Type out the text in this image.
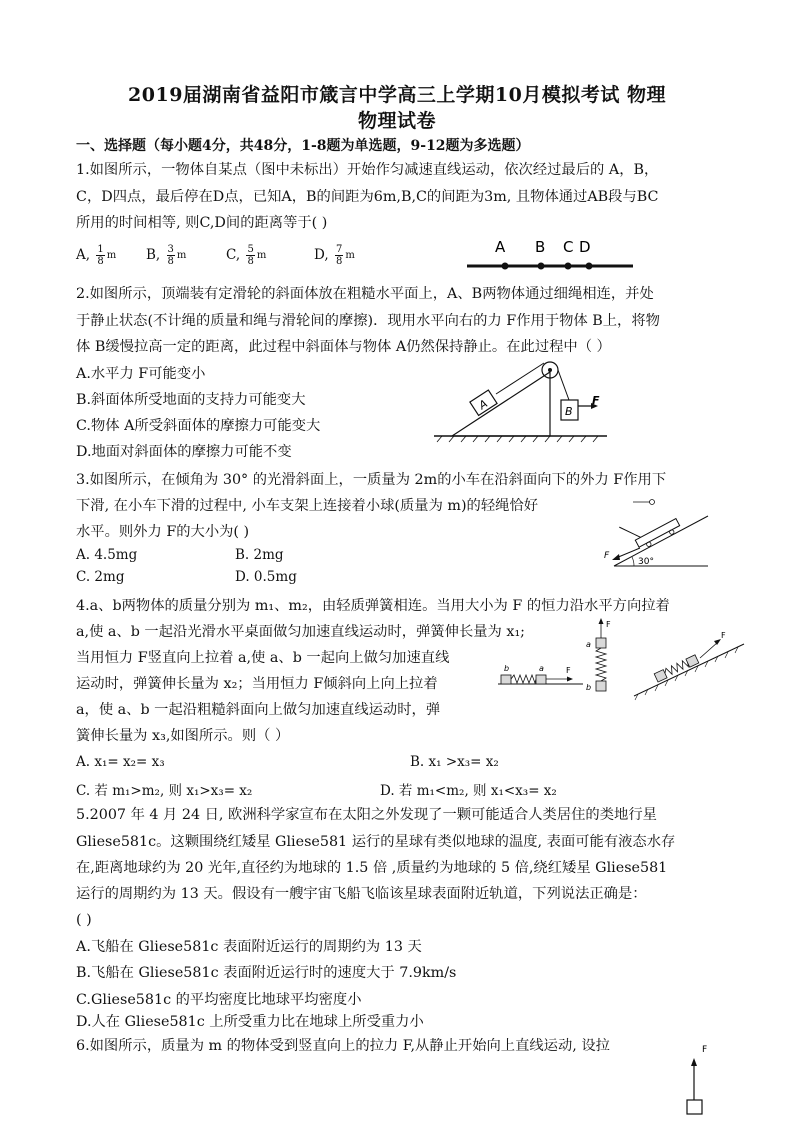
2019届湖南省益阳市箴言中学高三上学期10月模拟考试 物理
物理试卷
一、选择题（每小题4分，共48分，1-8题为单选题，9-12题为多选题）
1.如图所示，一物体自某点（图中未标出）开始作匀减速直线运动，依次经过最后的 A，B，
C，D四点，最后停在D点，已知A，B的间距为6m,B,C的间距为3m, 且物体通过AB段与BC
所用的时间相等, 则C,D间的距离等于( )
A, $\frac{1}{8}$ m B, $\frac{3}{8}$ m	C, $\frac{5}{8}$ m	D, $\frac{7}{8}$ m	A B C D
2.如图所示，顶端装有定滑轮的斜面体放在粗糙水平面上，A、B两物体通过细绳相连，并处
于静止状态(不计绳的质量和绳与滑轮间的摩擦)．现用水平向右的力 F作用于物体 B上，将物
体 B缓慢拉高一定的距离，此过程中斜面体与物体 A仍然保持静止。在此过程中（ ）
A.水平力 F可能变小
B.斜面体所受地面的支持力可能变大
C.物体 A所受斜面体的摩擦力可能变大
D.地面对斜面体的摩擦力可能不变
A	B
F
3.如图所示，在倾角为 30° 的光滑斜面上，一质量为 2m的小车在沿斜面向下的外力 F作用下
下滑, 在小车下滑的过程中, 小车支架上连接着小球(质量为 m)的轻绳恰好
水平。则外力 F的大小为( )
A. 4.5mg	B. 2mg
C. 2mg	D. 0.5mg
F
30°
4.a、b两物体的质量分别为 m₁、m₂，由轻质弹簧相连。当用大小为 F 的恒力沿水平方向拉着
a,使 a、b 一起沿光滑水平桌面做匀加速直线运动时，弹簧伸长量为 x₁;
当用恒力 F竖直向上拉着 a,使 a、b 一起向上做匀加速直线
运动时，弹簧伸长量为 x₂；当用恒力 F倾斜向上向上拉着
a，使 a、b 一起沿粗糙斜面向上做匀加速直线运动时，弹
簧伸长量为 x₃,如图所示。则（ ）
A. x₁= x₂= x₃	B. x₁ >x₃= x₂
C. 若 m₁>m₂, 则 x₁>x₃= x₂	D. 若 m₁<m₂, 则 x₁<x₃= x₂
b	a	F
F
a
b
F
5.2007 年 4 月 24 日, 欧洲科学家宣布在太阳之外发现了一颗可能适合人类居住的类地行星
Gliese581c。这颗围绕红矮星 Gliese581 运行的星球有类似地球的温度, 表面可能有液态水存
在,距离地球约为 20 光年,直径约为地球的 1.5 倍 ,质量约为地球的 5 倍,绕红矮星 Gliese581
运行的周期约为 13 天。假设有一艘宇宙飞船飞临该星球表面附近轨道，下列说法正确是：
( )
A.飞船在 Gliese581c 表面附近运行的周期约为 13 天
B.飞船在 Gliese581c 表面附近运行时的速度大于 7.9km/s
C.Gliese581c 的平均密度比地球平均密度小
D.人在 Gliese581c 上所受重力比在地球上所受重力小
6.如图所示，质量为 m 的物体受到竖直向上的拉力 F,从静止开始向上直线运动, 设拉	F
